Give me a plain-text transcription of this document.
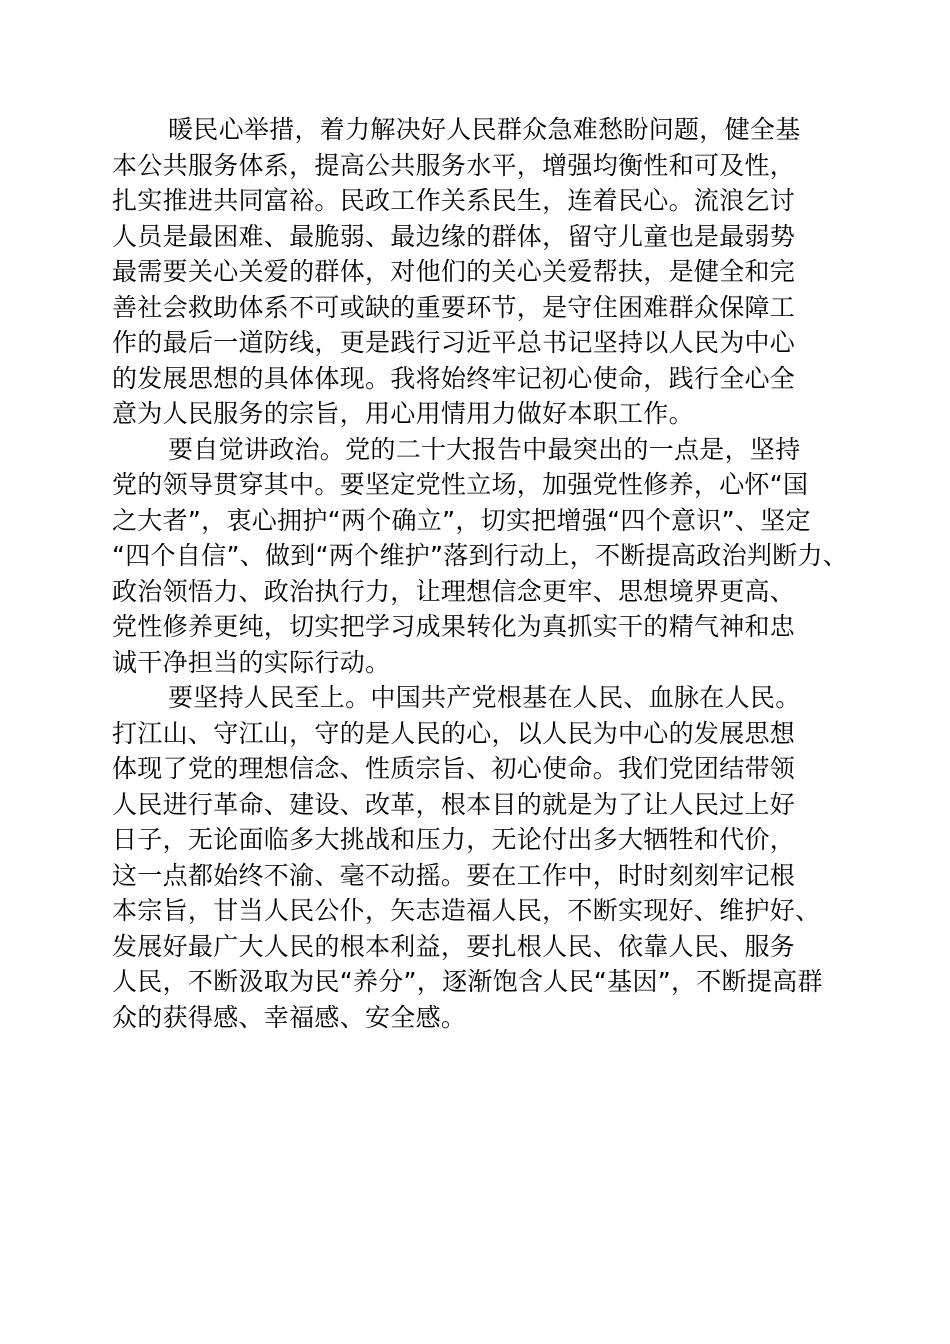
暖民心举措，着力解决好人民群众急难愁盼问题，健全基
本公共服务体系，提高公共服务水平，增强均衡性和可及性，
扎实推进共同富裕。民政工作关系民生，连着民心。流浪乞讨
人员是最困难、最脆弱、最边缘的群体，留守儿童也是最弱势
最需要关心关爱的群体，对他们的关心关爱帮扶，是健全和完
善社会救助体系不可或缺的重要环节，是守住困难群众保障工
作的最后一道防线，更是践行习近平总书记坚持以人民为中心
的发展思想的具体体现。我将始终牢记初心使命，践行全心全
意为人民服务的宗旨，用心用情用力做好本职工作。
要自觉讲政治。党的二十大报告中最突出的一点是，坚持
党的领导贯穿其中。要坚定党性立场，加强党性修养，心怀“国
之大者”，衷心拥护“两个确立”，切实把增强“四个意识”、坚定
“四个自信”、做到“两个维护”落到行动上，不断提高政治判断力、
政治领悟力、政治执行力，让理想信念更牢、思想境界更高、
党性修养更纯，切实把学习成果转化为真抓实干的精气神和忠
诚干净担当的实际行动。
要坚持人民至上。中国共产党根基在人民、血脉在人民。
打江山、守江山，守的是人民的心，以人民为中心的发展思想
体现了党的理想信念、性质宗旨、初心使命。我们党团结带领
人民进行革命、建设、改革，根本目的就是为了让人民过上好
日子，无论面临多大挑战和压力，无论付出多大牺牲和代价，
这一点都始终不渝、毫不动摇。要在工作中，时时刻刻牢记根
本宗旨，甘当人民公仆，矢志造福人民，不断实现好、维护好、
发展好最广大人民的根本利益，要扎根人民、依靠人民、服务
人民，不断汲取为民“养分”，逐渐饱含人民“基因”，不断提高群
众的获得感、幸福感、安全感。
